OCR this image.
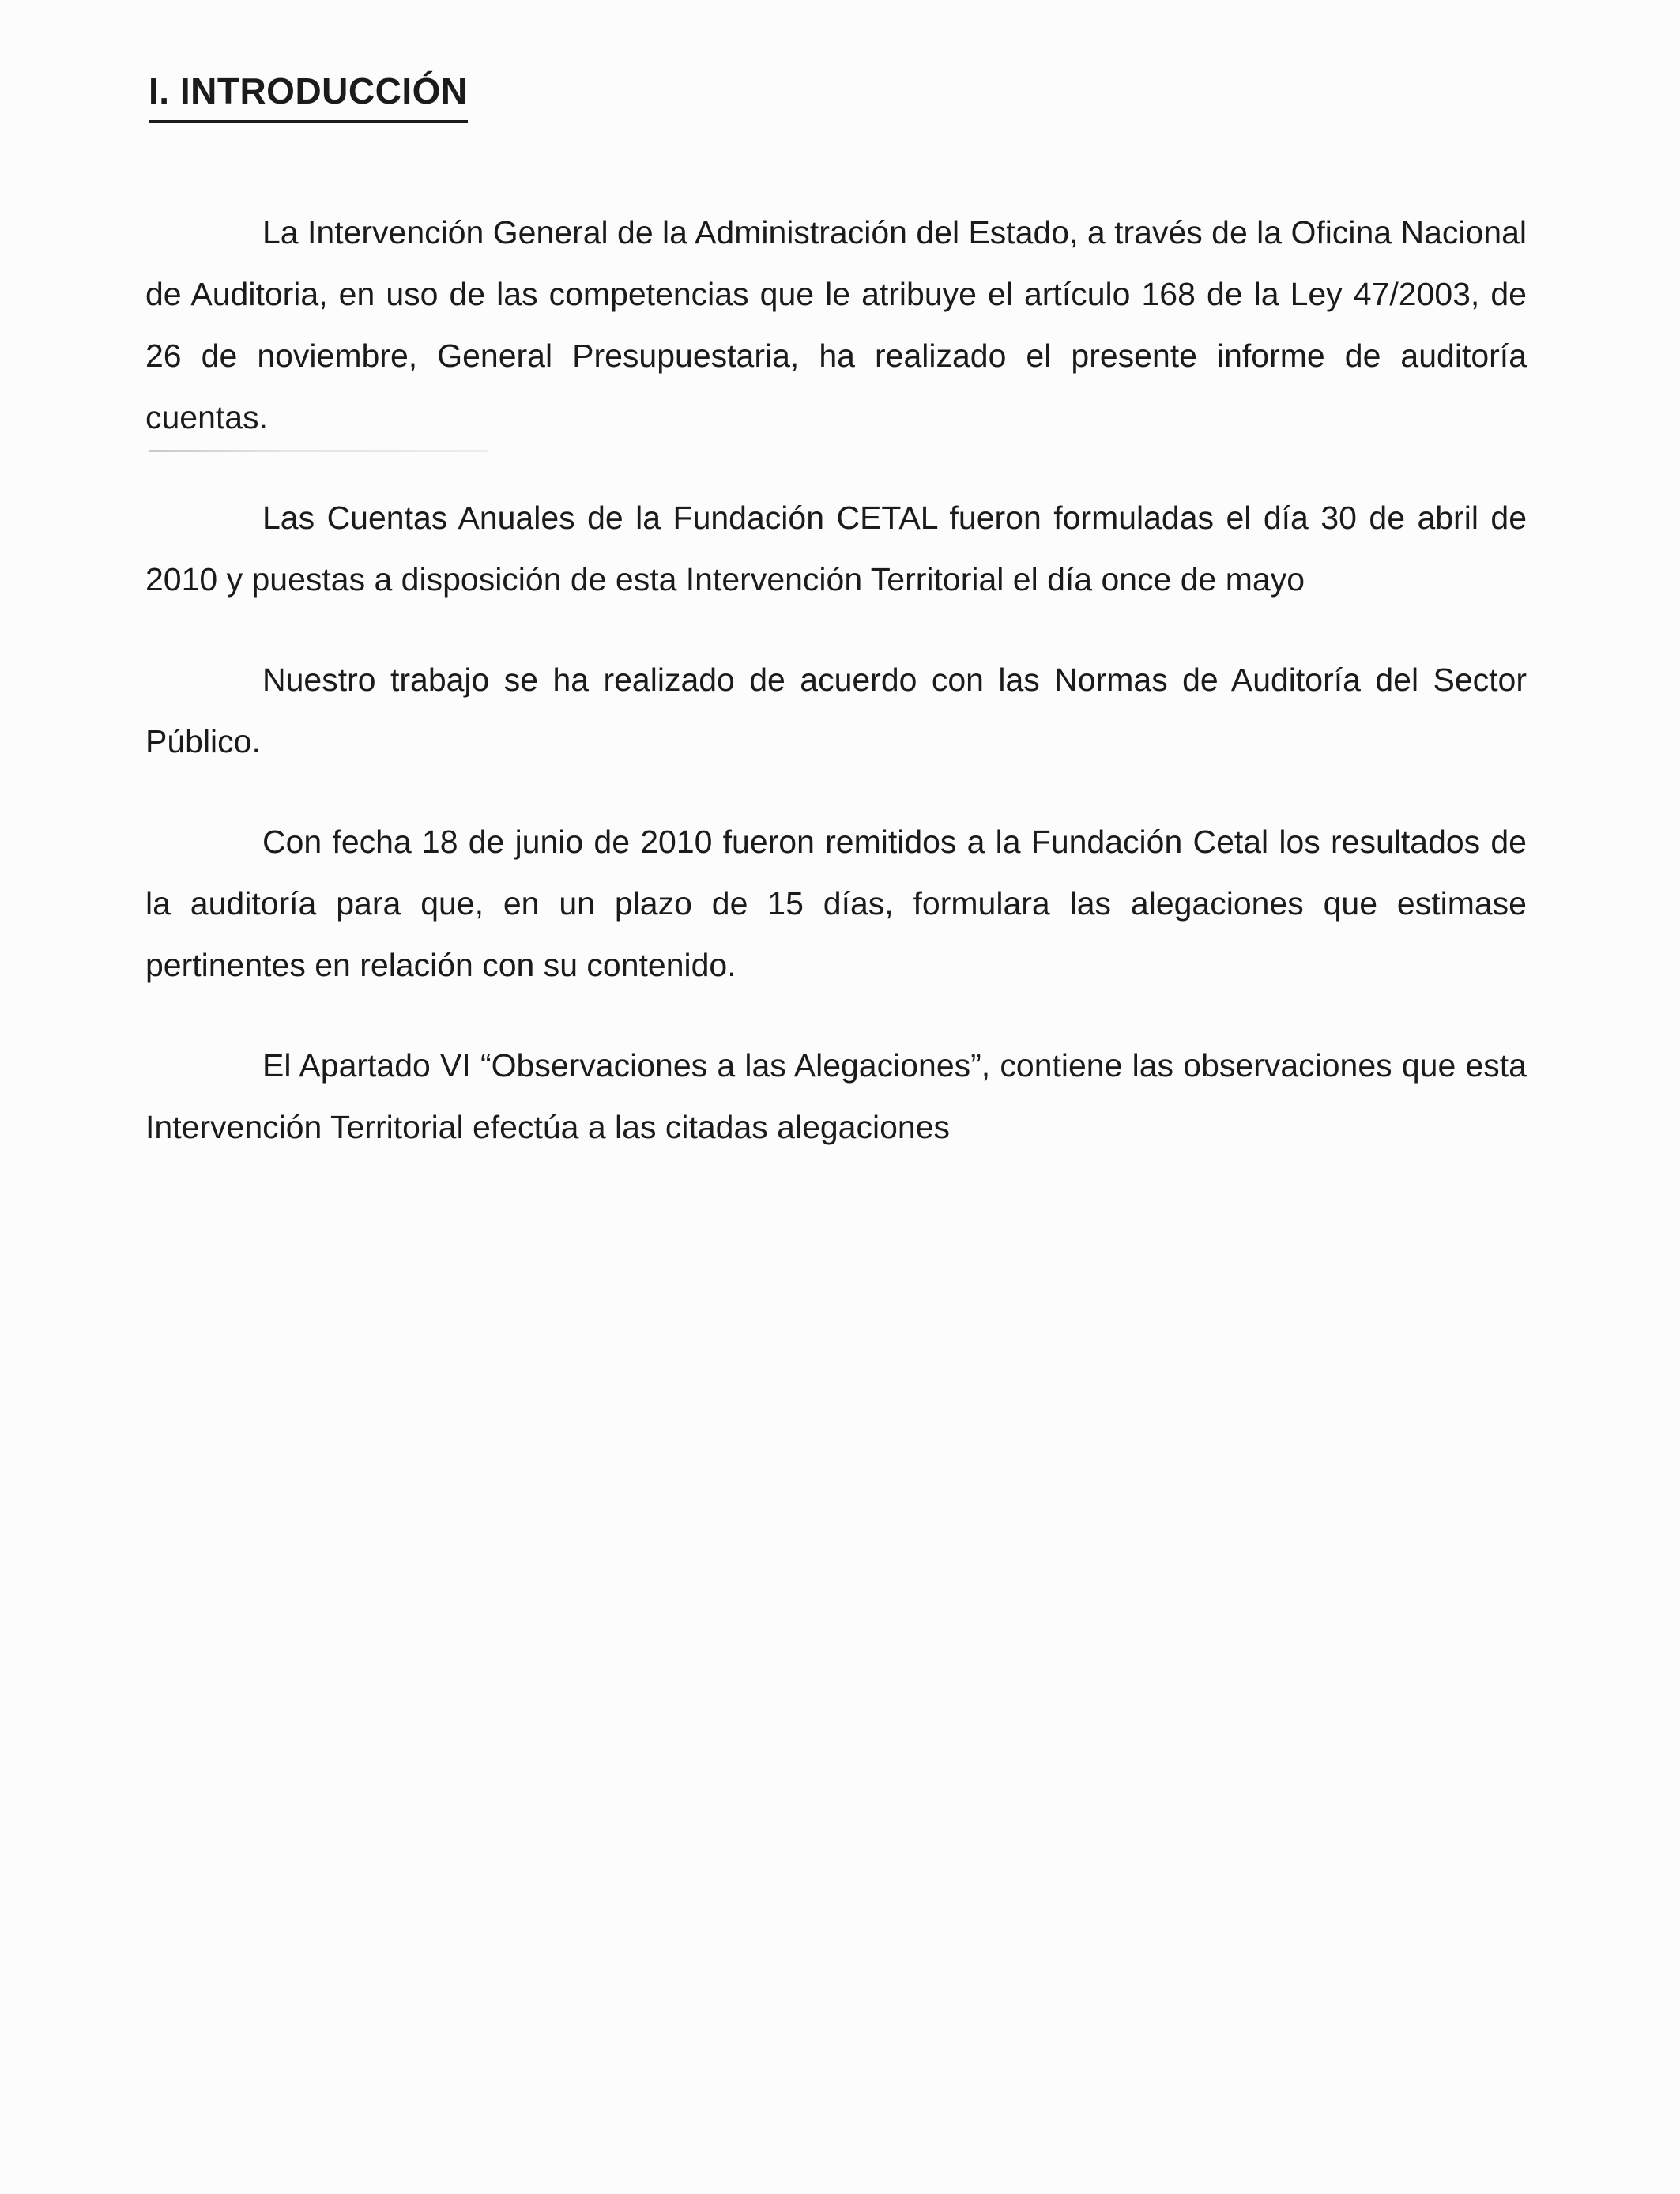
I. INTRODUCCIÓN

La Intervención General de la Administración del Estado, a través de la Oficina Nacional de Auditoria, en uso de las competencias que le atribuye el artículo 168 de la Ley 47/2003, de 26 de noviembre, General Presupuestaria, ha realizado el presente informe de auditoría cuentas.

Las Cuentas Anuales de la Fundación CETAL fueron formuladas el día 30 de abril de 2010 y puestas a disposición de esta Intervención Territorial el día once de mayo

Nuestro trabajo se ha realizado de acuerdo con las Normas de Auditoría del Sector Público.

Con fecha 18 de junio de 2010 fueron remitidos a la Fundación Cetal los resultados de la auditoría para que, en un plazo de 15 días, formulara las alegaciones que estimase pertinentes en relación con su contenido.

El Apartado VI “Observaciones a las Alegaciones”, contiene las observaciones que esta Intervención Territorial efectúa a las citadas alegaciones
